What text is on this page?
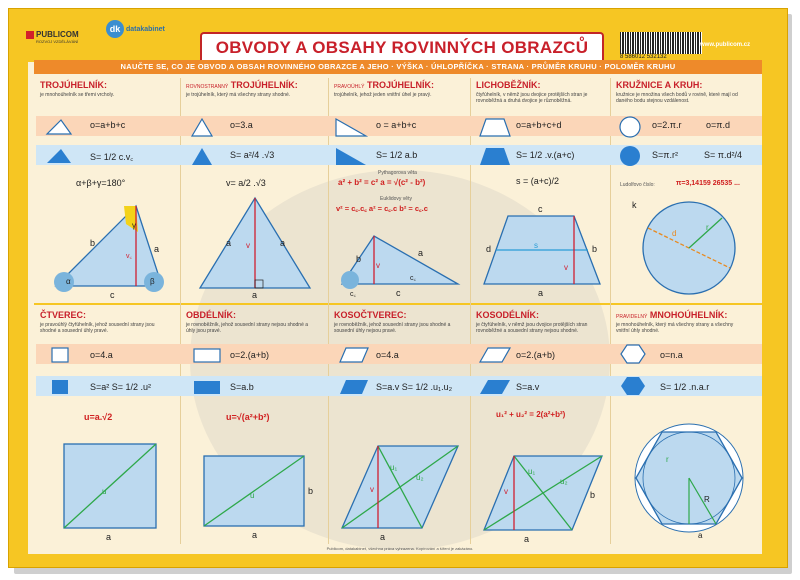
PUBLICOM
ROZVOJ VZDĚLÁVÁNÍ
dk datakabinet
OBVODY A OBSAHY ROVINNÝCH OBRAZCŮ	8 586012 532132
www.publicom.cz
NAUČTE SE, CO JE OBVOD A OBSAH ROVINNÉHO OBRAZCE A JEHO · VÝŠKA · ÚHLOPŘÍČKA · STRANA · PRŮMĚR KRUHU · POLOMĚR KRUHU
TROJÚHELNÍK:
je mnohoúhelník se třemi vrcholy.
ROVNOSTRANNÝ TROJÚHELNÍK:
je trojúhelník, který má všechny strany shodné.
PRAVOÚHLÝ TROJÚHELNÍK:
trojúhelník, jehož jeden vnitřní úhel je pravý.
LICHOBĚŽNÍK:
čtyřúhelník, v němž jsou dvojice protějších stran je rovnoběžná a druhá dvojice je různoběžná.
KRUŽNICE A KRUH:
kružnice je množina všech bodů v rovině, které mají od daného bodu stejnou vzdálenost.
o=a+b+c
S= 1/2 c.v꜀
α+β+γ=180°
o=3.a
S= a²/4 .√3
v= a/2 .√3
o = a+b+c
S= 1/2 a.b
Pythagorova věta
a² + b² = c² a = √(c² - b²)
Euklidovy věty
v² = c꜀.c꜀ a² = c꜀.c b² = c꜀.c
o=a+b+c+d
S= 1/2 .v.(a+c)
s = (a+c)/2
o=2.π.r	o=π.d
S=π.r²	S= π.d²/4
Ludolfovo číslo:	π=3,14159 26535 ...
α	β
γ
b
a
c
v꜀
a	a
a
v
b
a
c
v
c꜀
c꜀
c
a
d	b
s
v
k
d
r
ČTVEREC:
je pravoúhlý čtyřúhelník, jehož sousední strany jsou shodné a sousední úhly pravé.
OBDÉLNÍK:
je rovnoběžník, jehož sousední strany nejsou shodné a úhly jsou pravé.
KOSOČTVEREC:
je rovnoběžník, jehož sousední strany jsou shodné a sousední úhly nejsou pravé.
KOSODÉLNÍK:
je čtyřúhelník, v němž jsou dvojice protějších stran rovnoběžné a sousední strany nejsou shodné.
PRAVIDELNÝ MNOHOÚHELNÍK:
je mnohoúhelník, který má všechny strany a všechny vnitřní úhly shodné.
o=4.a
S=a² S= 1/2 .u²
u=a.√2
o=2.(a+b)
S=a.b
u=√(a²+b²)
o=4.a
S=a.v S= 1/2 .u₁.u₂
o=2.(a+b)
S=a.v
u₁² + u₂² = 2(a²+b²)
o=n.a
S= 1/2 .n.a.r
a
u
a
b
u
a
v
u₁
u₂
a
b
v
u₁
u₂
r
R
a
Publicom, datakabinet, všechna práva vyhrazena. Kopírování a šíření je zakázáno.
